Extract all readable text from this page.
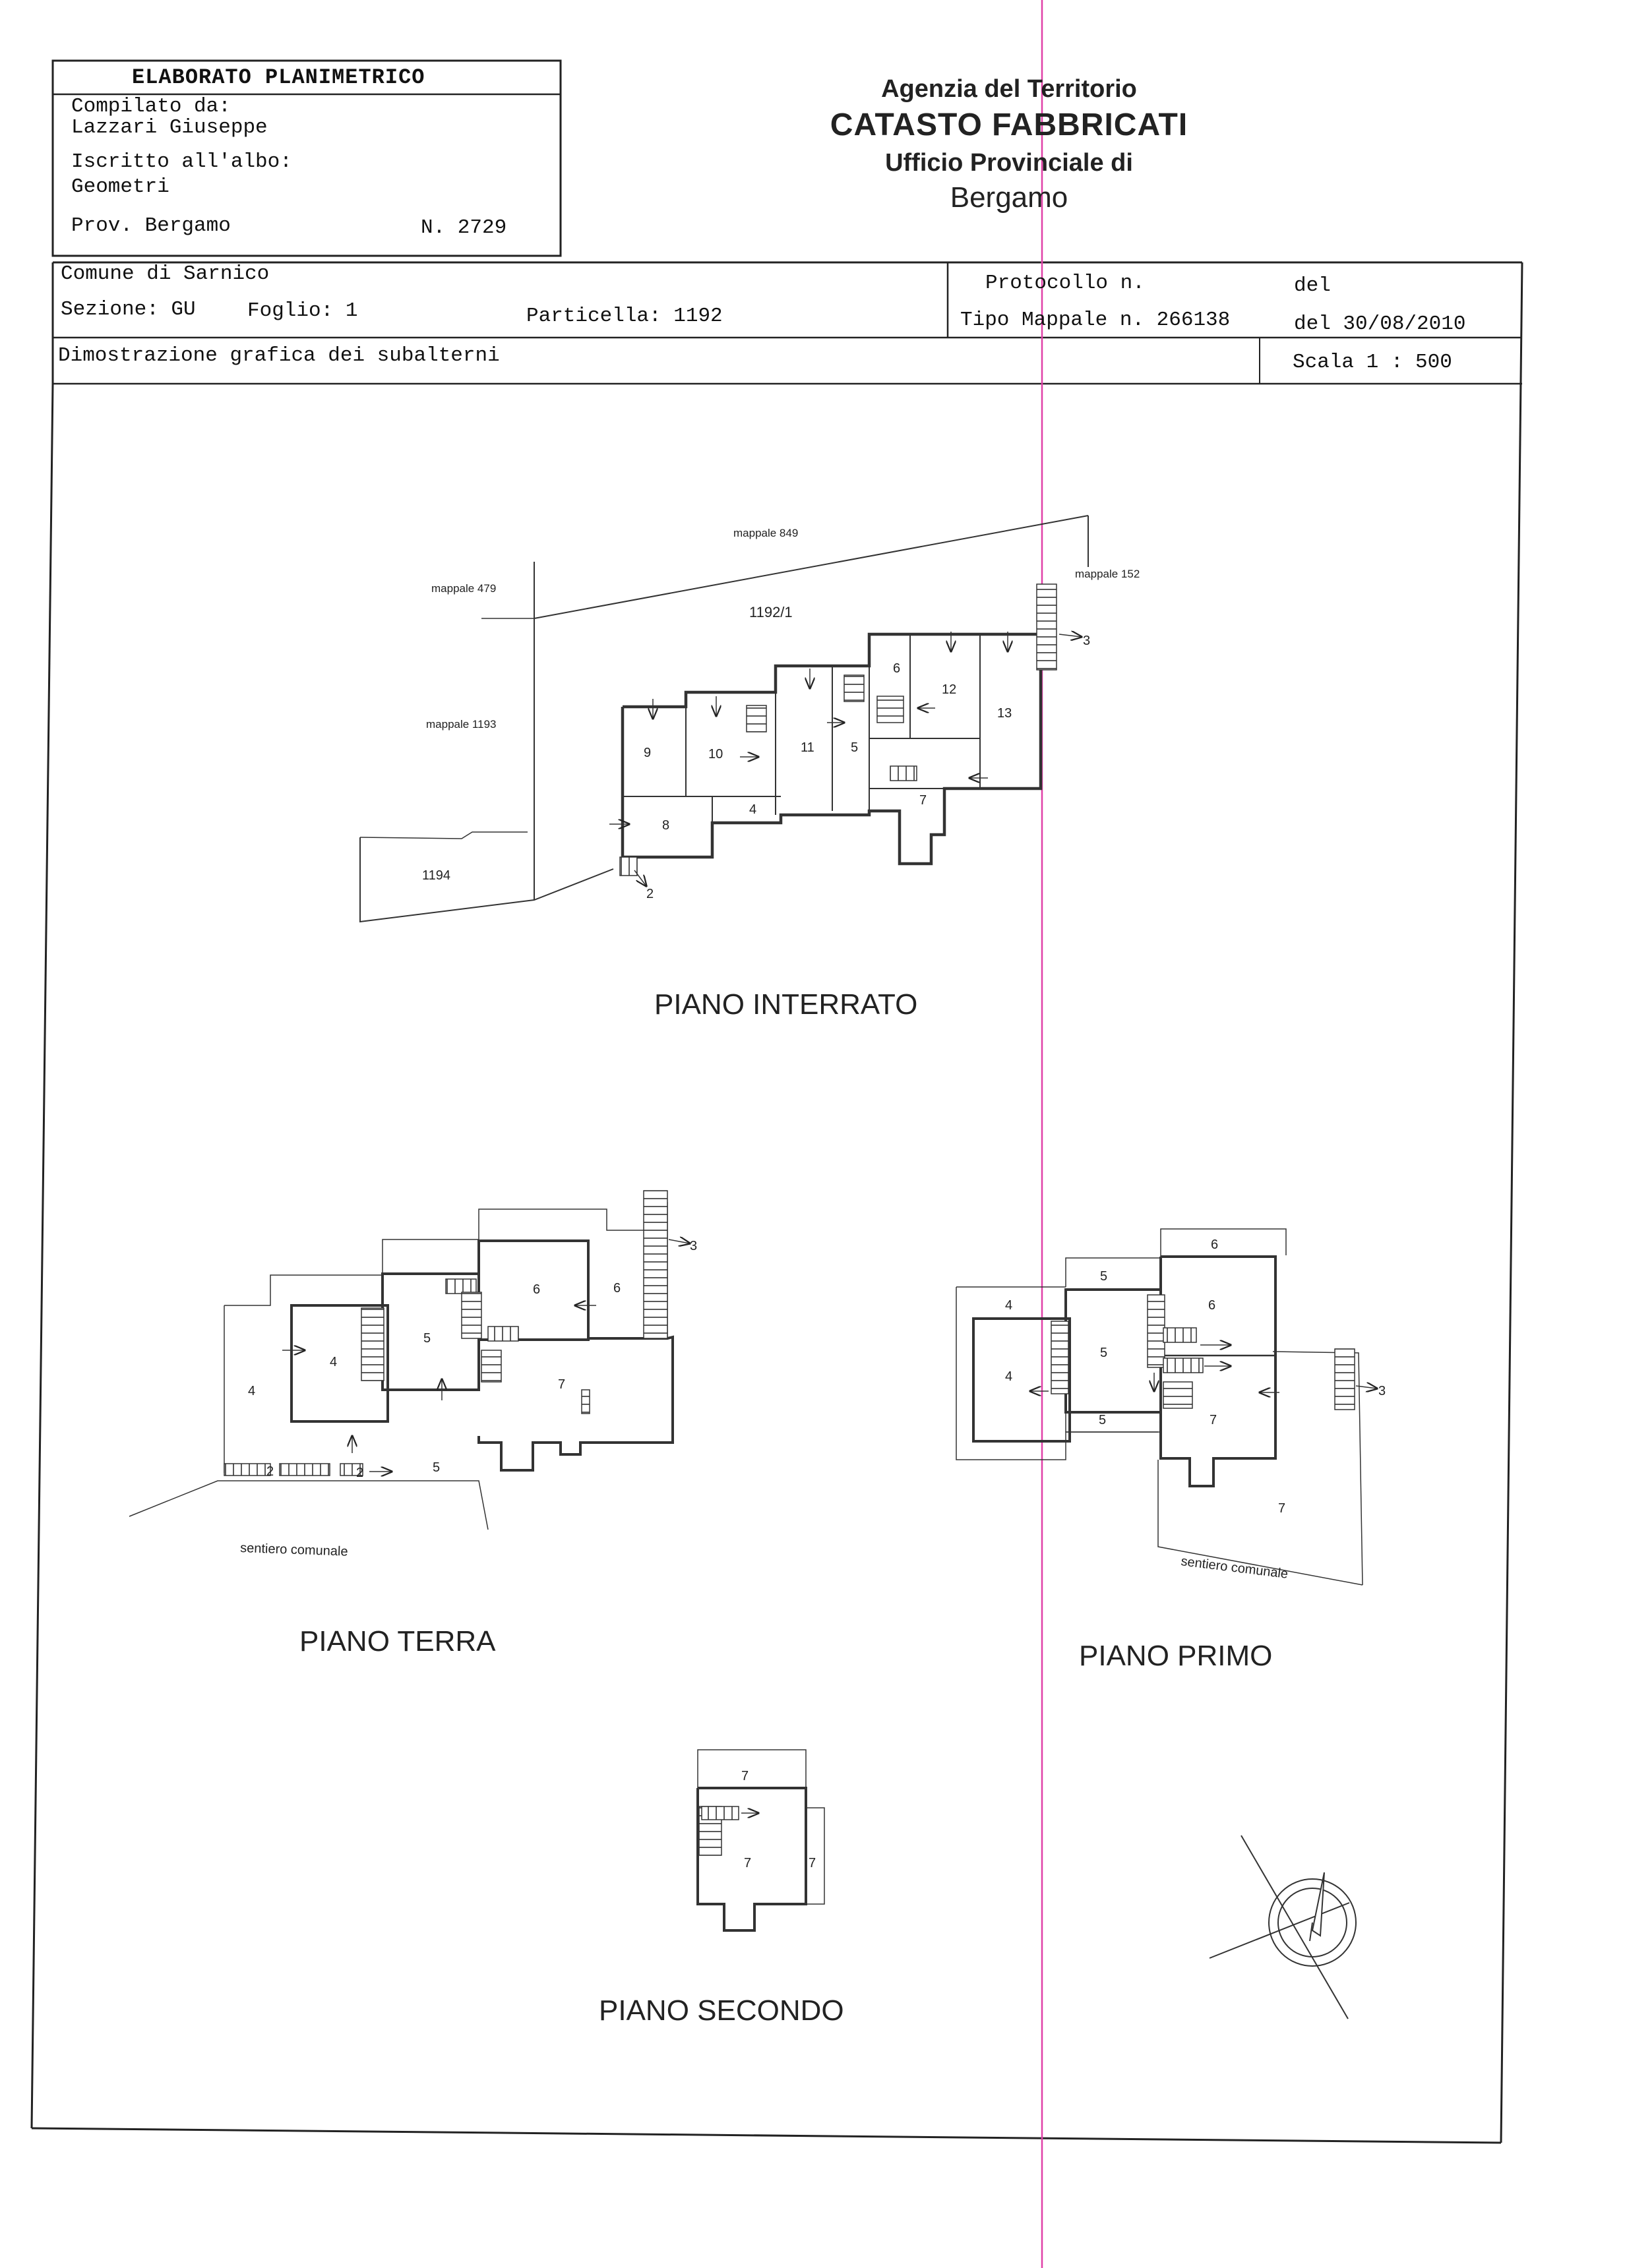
ELABORATO PLANIMETRICO
Compilato da:
Lazzari Giuseppe
Iscritto all'albo:
Geometri
Prov. Bergamo	N. 2729
Agenzia del Territorio
CATASTO FABBRICATI
Ufficio Provinciale di
Bergamo
Comune di Sarnico
Sezione: GU	Foglio: 1	Particella: 1192
Protocollo n.	del
Tipo Mappale n. 266138	del 30/08/2010
Dimostrazione grafica dei subalterni	Scala 1 : 500
mappale 849
mappale 479
mappale 152
mappale 1193
1194
1192/1
2
3
4
5
6
7
8
9	10	11
12
13
PIANO INTERRATO
4
4
5
5
6	6
7
2	2
3
sentiero comunale
PIANO TERRA
6
5
4	6
5
4
5	7
7
3
sentiero comunale
PIANO PRIMO
7
7	7
PIANO SECONDO
